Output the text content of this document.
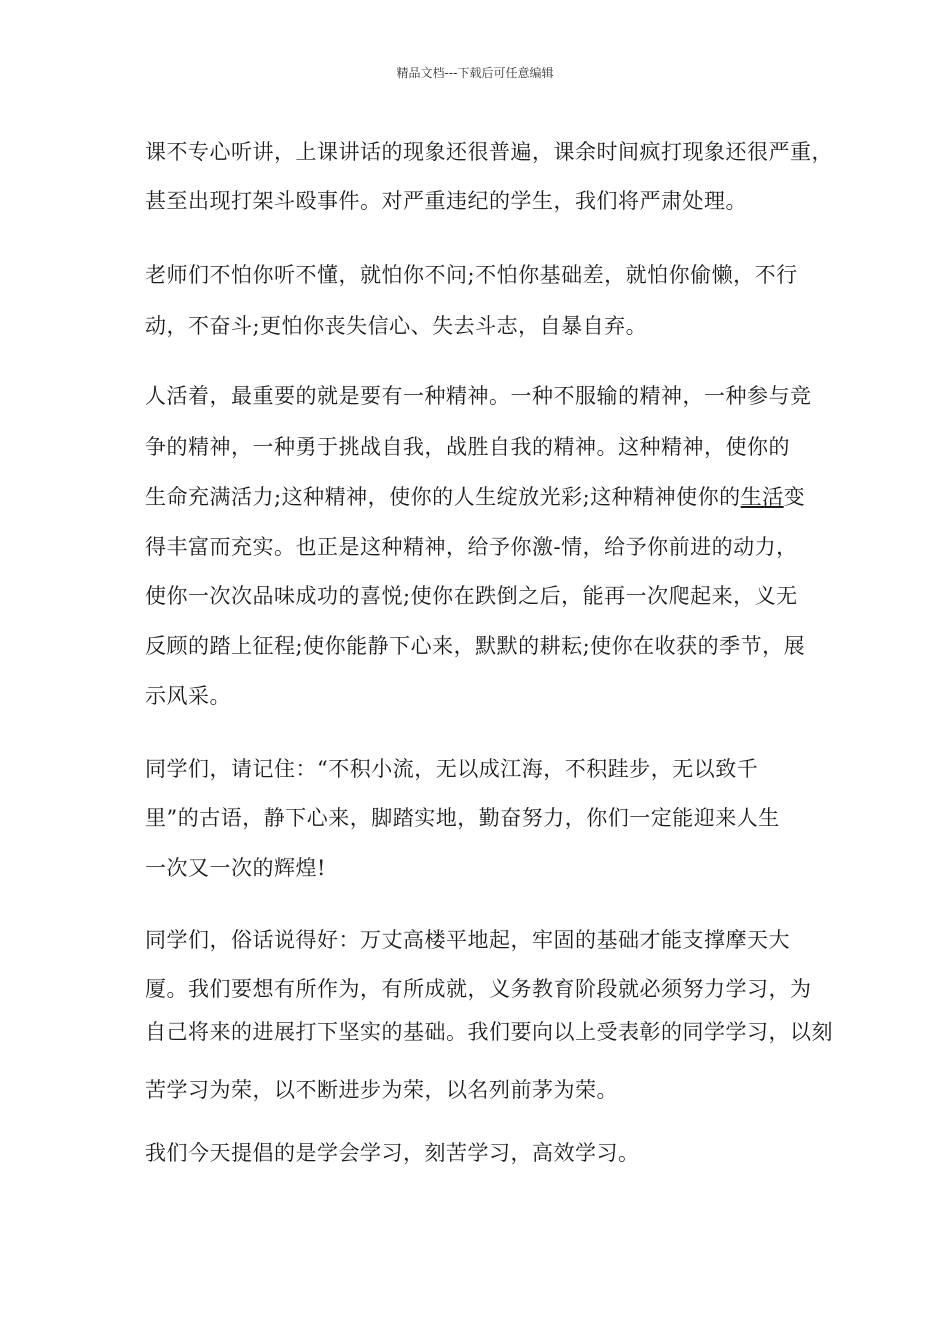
精品文档---下载后可任意编辑
课不专心听讲，上课讲话的现象还很普遍，课余时间疯打现象还很严重，
甚至出现打架斗殴事件。对严重违纪的学生，我们将严肃处理。
老师们不怕你听不懂，就怕你不问;不怕你基础差，就怕你偷懒，不行
动，不奋斗;更怕你丧失信心、失去斗志，自暴自弃。
人活着，最重要的就是要有一种精神。一种不服输的精神，一种参与竞
争的精神，一种勇于挑战自我，战胜自我的精神。这种精神，使你的
生命充满活力;这种精神，使你的人生绽放光彩;这种精神使你的生活变
得丰富而充实。也正是这种精神，给予你激-情，给予你前进的动力，
使你一次次品味成功的喜悦;使你在跌倒之后，能再一次爬起来，义无
反顾的踏上征程;使你能静下心来，默默的耕耘;使你在收获的季节，展
示风采。
同学们，请记住：“不积小流，无以成江海，不积跬步，无以致千
里”的古语，静下心来，脚踏实地，勤奋努力，你们一定能迎来人生
一次又一次的辉煌!
同学们，俗话说得好：万丈高楼平地起，牢固的基础才能支撑摩天大
厦。我们要想有所作为，有所成就，义务教育阶段就必须努力学习，为
自己将来的进展打下坚实的基础。我们要向以上受表彰的同学学习，以刻
苦学习为荣，以不断进步为荣，以名列前茅为荣。
我们今天提倡的是学会学习，刻苦学习，高效学习。
